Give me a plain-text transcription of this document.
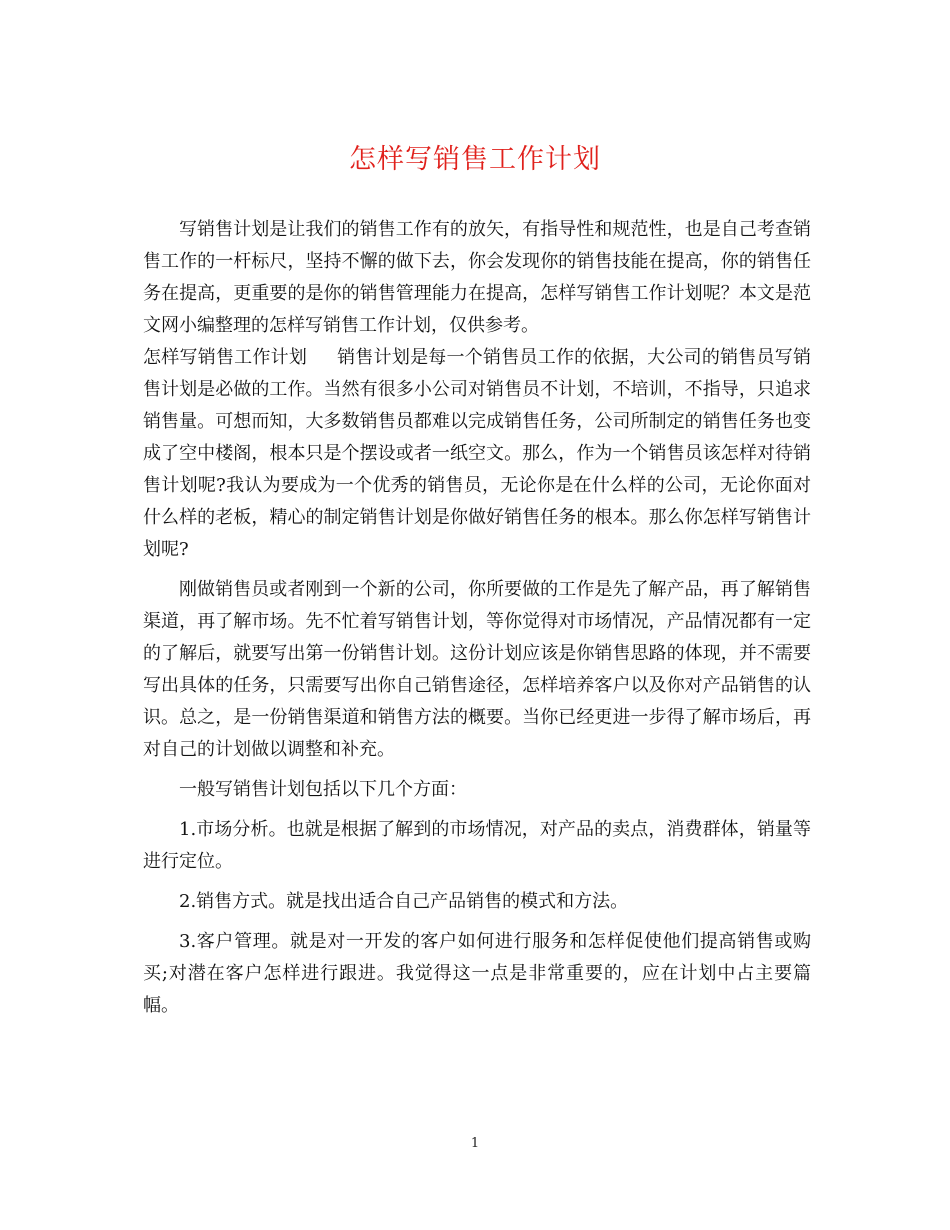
怎样写销售工作计划

写销售计划是让我们的销售工作有的放矢，有指导性和规范性，也是自己考查销售工作的一杆标尺，坚持不懈的做下去，你会发现你的销售技能在提高，你的销售任务在提高，更重要的是你的销售管理能力在提高，怎样写销售工作计划呢？本文是范文网小编整理的怎样写销售工作计划，仅供参考。

怎样写销售工作计划 销售计划是每一个销售员工作的依据，大公司的销售员写销售计划是必做的工作。当然有很多小公司对销售员不计划，不培训，不指导，只追求销售量。可想而知，大多数销售员都难以完成销售任务，公司所制定的销售任务也变成了空中楼阁，根本只是个摆设或者一纸空文。那么，作为一个销售员该怎样对待销售计划呢?我认为要成为一个优秀的销售员，无论你是在什么样的公司，无论你面对什么样的老板，精心的制定销售计划是你做好销售任务的根本。那么你怎样写销售计划呢?

刚做销售员或者刚到一个新的公司，你所要做的工作是先了解产品，再了解销售渠道，再了解市场。先不忙着写销售计划，等你觉得对市场情况，产品情况都有一定的了解后，就要写出第一份销售计划。这份计划应该是你销售思路的体现，并不需要写出具体的任务，只需要写出你自己销售途径，怎样培养客户以及你对产品销售的认识。总之，是一份销售渠道和销售方法的概要。当你已经更进一步得了解市场后，再对自己的计划做以调整和补充。

一般写销售计划包括以下几个方面：

1.市场分析。也就是根据了解到的市场情况，对产品的卖点，消费群体，销量等进行定位。

2.销售方式。就是找出适合自己产品销售的模式和方法。

3.客户管理。就是对一开发的客户如何进行服务和怎样促使他们提高销售或购买;对潜在客户怎样进行跟进。我觉得这一点是非常重要的，应在计划中占主要篇幅。

1
